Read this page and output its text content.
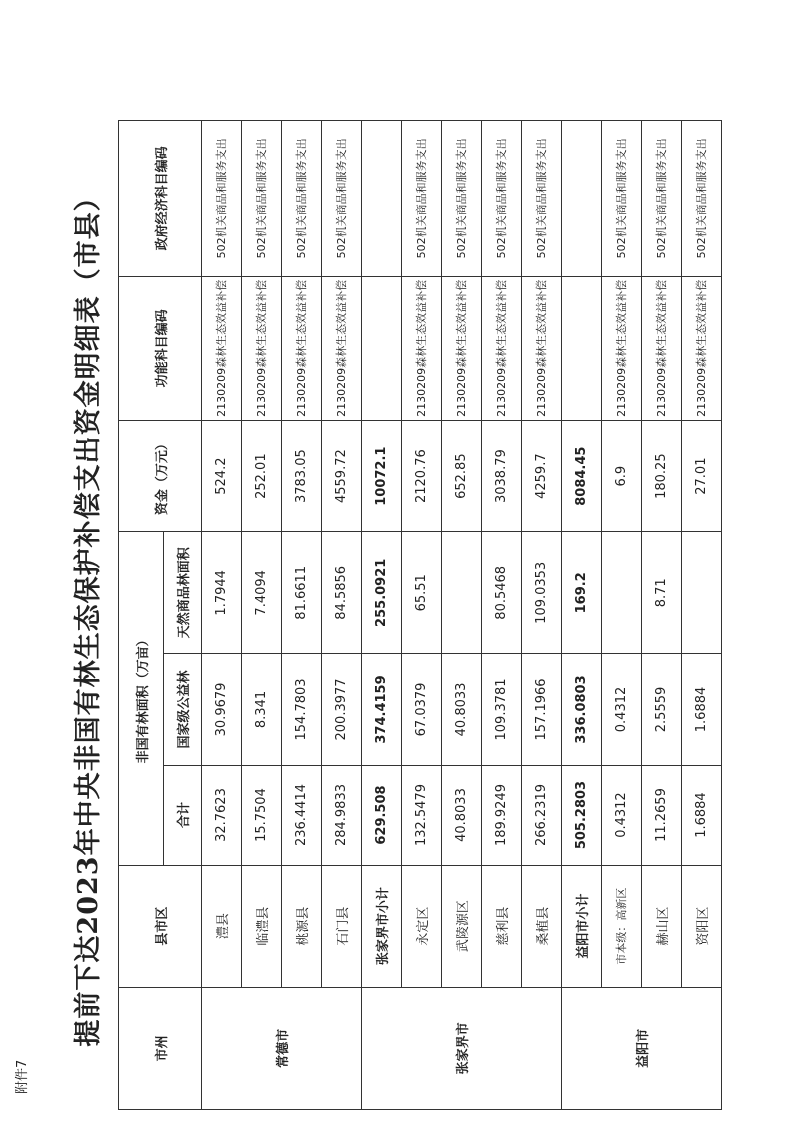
附件7
提前下达2023年中央非国有林生态保护补偿支出资金明细表（市县）
市州	县市区	非国有林面积（万亩）			资金（万元）	功能科目编码	政府经济科目编码
		合计	国家级公益林	天然商品林面积			
常德市	澧县	32.7623	30.9679	1.7944	524.2	2130209森林生态效益补偿	502机关商品和服务支出
	临澧县	15.7504	8.341	7.4094	252.01	2130209森林生态效益补偿	502机关商品和服务支出
	桃源县	236.4414	154.7803	81.6611	3783.05	2130209森林生态效益补偿	502机关商品和服务支出
	石门县	284.9833	200.3977	84.5856	4559.72	2130209森林生态效益补偿	502机关商品和服务支出
张家界市	张家界市小计	629.508	374.4159	255.0921	10072.1		
	永定区	132.5479	67.0379	65.51	2120.76	2130209森林生态效益补偿	502机关商品和服务支出
	武陵源区	40.8033	40.8033		652.85	2130209森林生态效益补偿	502机关商品和服务支出
	慈利县	189.9249	109.3781	80.5468	3038.79	2130209森林生态效益补偿	502机关商品和服务支出
	桑植县	266.2319	157.1966	109.0353	4259.7	2130209森林生态效益补偿	502机关商品和服务支出
益阳市	益阳市小计	505.2803	336.0803	169.2	8084.45		
	市本级：高新区	0.4312	0.4312		6.9	2130209森林生态效益补偿	502机关商品和服务支出
	赫山区	11.2659	2.5559	8.71	180.25	2130209森林生态效益补偿	502机关商品和服务支出
	资阳区	1.6884	1.6884		27.01	2130209森林生态效益补偿	502机关商品和服务支出
